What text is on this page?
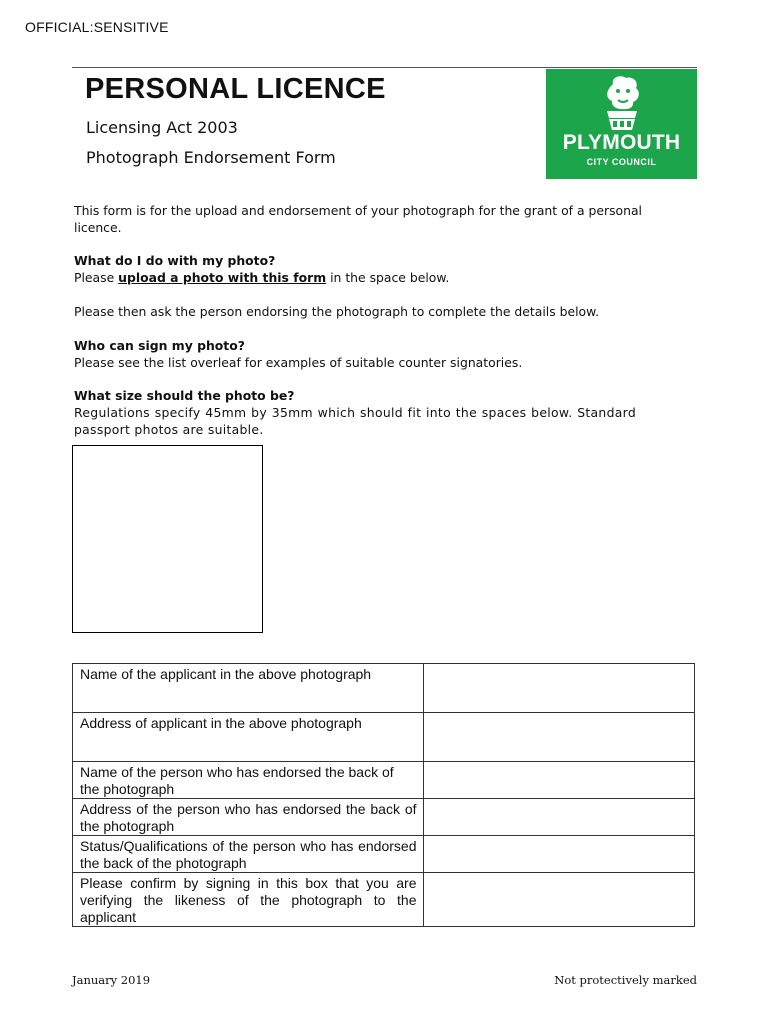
OFFICIAL:SENSITIVE
PERSONAL LICENCE
Licensing Act 2003
Photograph Endorsement Form
PLYMOUTH
CITY COUNCIL
This form is for the upload and endorsement of your photograph for the grant of a personal licence.
What do I do with my photo?
Please upload a photo with this form in the space below.
Please then ask the person endorsing the photograph to complete the details below.
Who can sign my photo?
Please see the list overleaf for examples of suitable counter signatories.
What size should the photo be?
Regulations specify 45mm by 35mm which should fit into the spaces below. Standard passport photos are suitable.
Name of the applicant in the above photograph	
Address of applicant in the above photograph	
Name of the person who has endorsed the back of the photograph	
Address of the person who has endorsed the back of the photograph	
Status/Qualifications of the person who has endorsed the back of the photograph	
Please confirm by signing in this box that you are verifying the likeness of the photograph to the applicant	
January 2019	Not protectively marked
